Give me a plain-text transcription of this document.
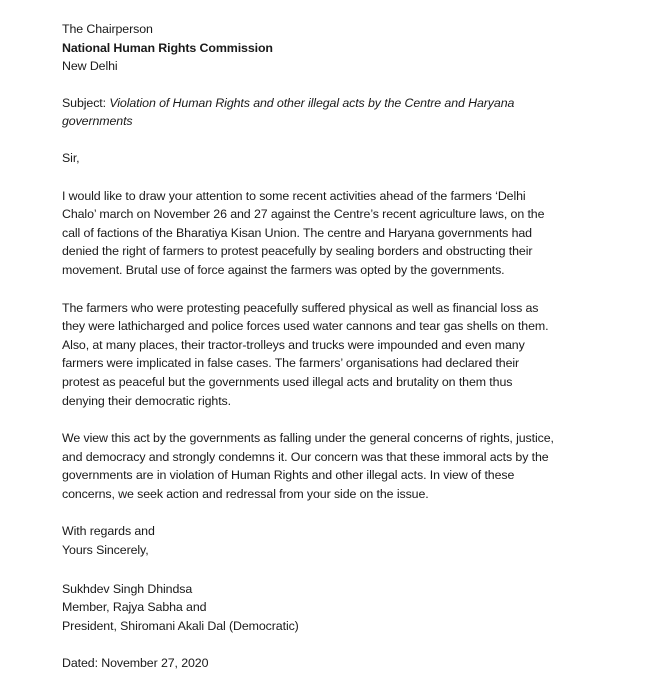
The Chairperson
National Human Rights Commission
New Delhi
Subject: Violation of Human Rights and other illegal acts by the Centre and Haryana
governments
Sir,
I would like to draw your attention to some recent activities ahead of the farmers ‘Delhi
Chalo’ march on November 26 and 27 against the Centre’s recent agriculture laws, on the
call of factions of the Bharatiya Kisan Union. The centre and Haryana governments had
denied the right of farmers to protest peacefully by sealing borders and obstructing their
movement. Brutal use of force against the farmers was opted by the governments.
The farmers who were protesting peacefully suffered physical as well as financial loss as
they were lathicharged and police forces used water cannons and tear gas shells on them.
Also, at many places, their tractor-trolleys and trucks were impounded and even many
farmers were implicated in false cases. The farmers’ organisations had declared their
protest as peaceful but the governments used illegal acts and brutality on them thus
denying their democratic rights.
We view this act by the governments as falling under the general concerns of rights, justice,
and democracy and strongly condemns it. Our concern was that these immoral acts by the
governments are in violation of Human Rights and other illegal acts. In view of these
concerns, we seek action and redressal from your side on the issue.
With regards and
Yours Sincerely,
Sukhdev Singh Dhindsa
Member, Rajya Sabha and
President, Shiromani Akali Dal (Democratic)
Dated: November 27, 2020
